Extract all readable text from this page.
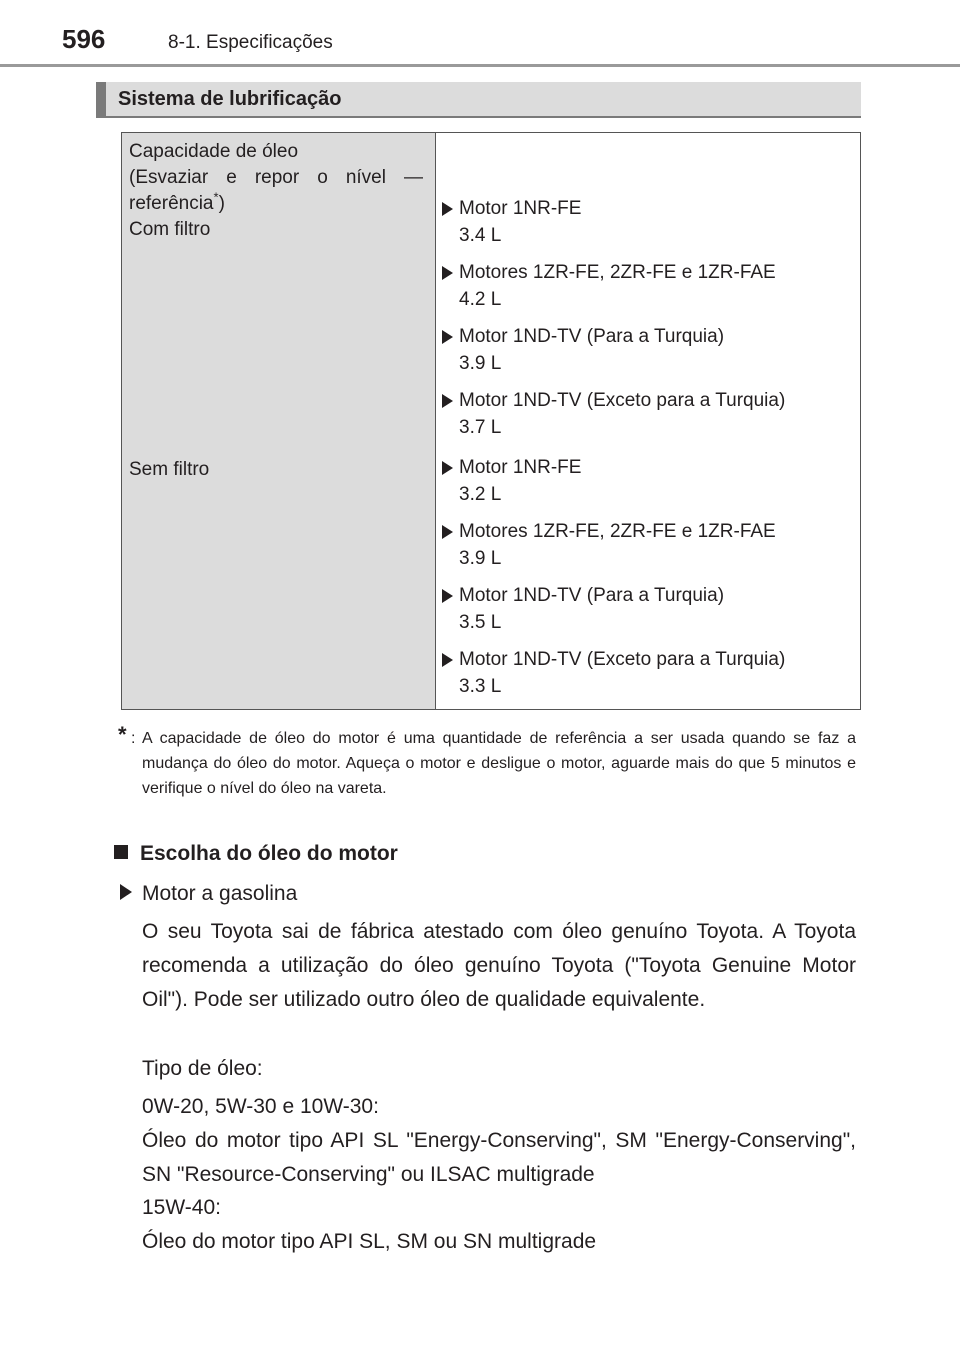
596	8-1. Especificações
Sistema de lubrificação
Capacidade de óleo
(Esvaziar e repor o nível —
referência*)
Com filtro
Sem filtro
Motor 1NR-FE
3.4 L
Motores 1ZR-FE, 2ZR-FE e 1ZR-FAE
4.2 L
Motor 1ND-TV (Para a Turquia)
3.9 L
Motor 1ND-TV (Exceto para a Turquia)
3.7 L
Motor 1NR-FE
3.2 L
Motores 1ZR-FE, 2ZR-FE e 1ZR-FAE
3.9 L
Motor 1ND-TV (Para a Turquia)
3.5 L
Motor 1ND-TV (Exceto para a Turquia)
3.3 L
* : A capacidade de óleo do motor é uma quantidade de referência a ser usada quando se faz a mudança do óleo do motor. Aqueça o motor e desligue o motor, aguarde mais do que 5 minutos e verifique o nível do óleo na vareta.
Escolha do óleo do motor
Motor a gasolina
O seu Toyota sai de fábrica atestado com óleo genuíno Toyota. A Toyota recomenda a utilização do óleo genuíno Toyota ("Toyota Genuine Motor Oil"). Pode ser utilizado outro óleo de qualidade equivalente.
Tipo de óleo:
0W-20, 5W-30 e 10W-30:
Óleo do motor tipo API SL "Energy-Conserving", SM "Energy-Conserving", SN "Resource-Conserving" ou ILSAC multigrade
15W-40:
Óleo do motor tipo API SL, SM ou SN multigrade
